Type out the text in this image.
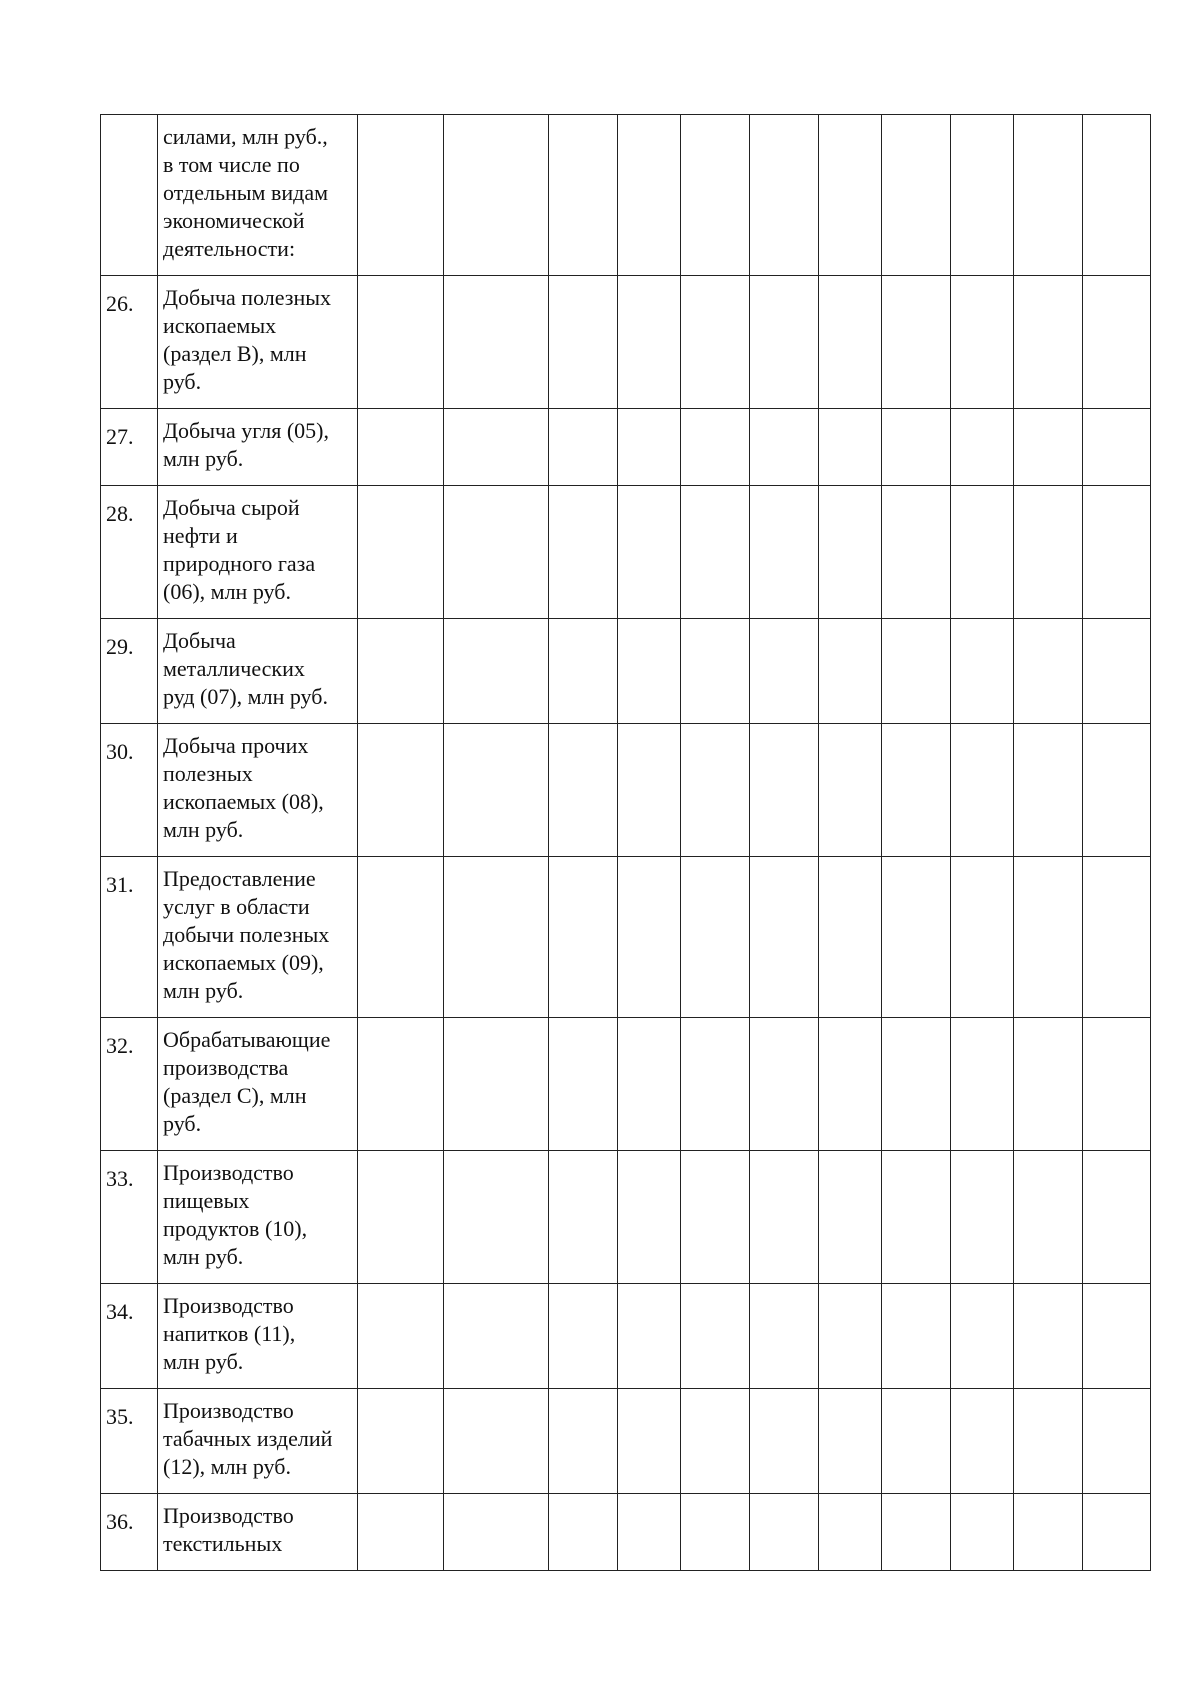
	силами, млн руб.,
в том числе по
отдельным видам
экономической
деятельности:											
26.	Добыча полезных
ископаемых
(раздел B), млн
руб.											
27.	Добыча угля (05),
млн руб.											
28.	Добыча сырой
нефти и
природного газа
(06), млн руб.											
29.	Добыча
металлических
руд (07), млн руб.											
30.	Добыча прочих
полезных
ископаемых (08),
млн руб.											
31.	Предоставление
услуг в области
добычи полезных
ископаемых (09),
млн руб.											
32.	Обрабатывающие
производства
(раздел C), млн
руб.											
33.	Производство
пищевых
продуктов (10),
млн руб.											
34.	Производство
напитков (11),
млн руб.											
35.	Производство
табачных изделий
(12), млн руб.											
36.	Производство
текстильных											
